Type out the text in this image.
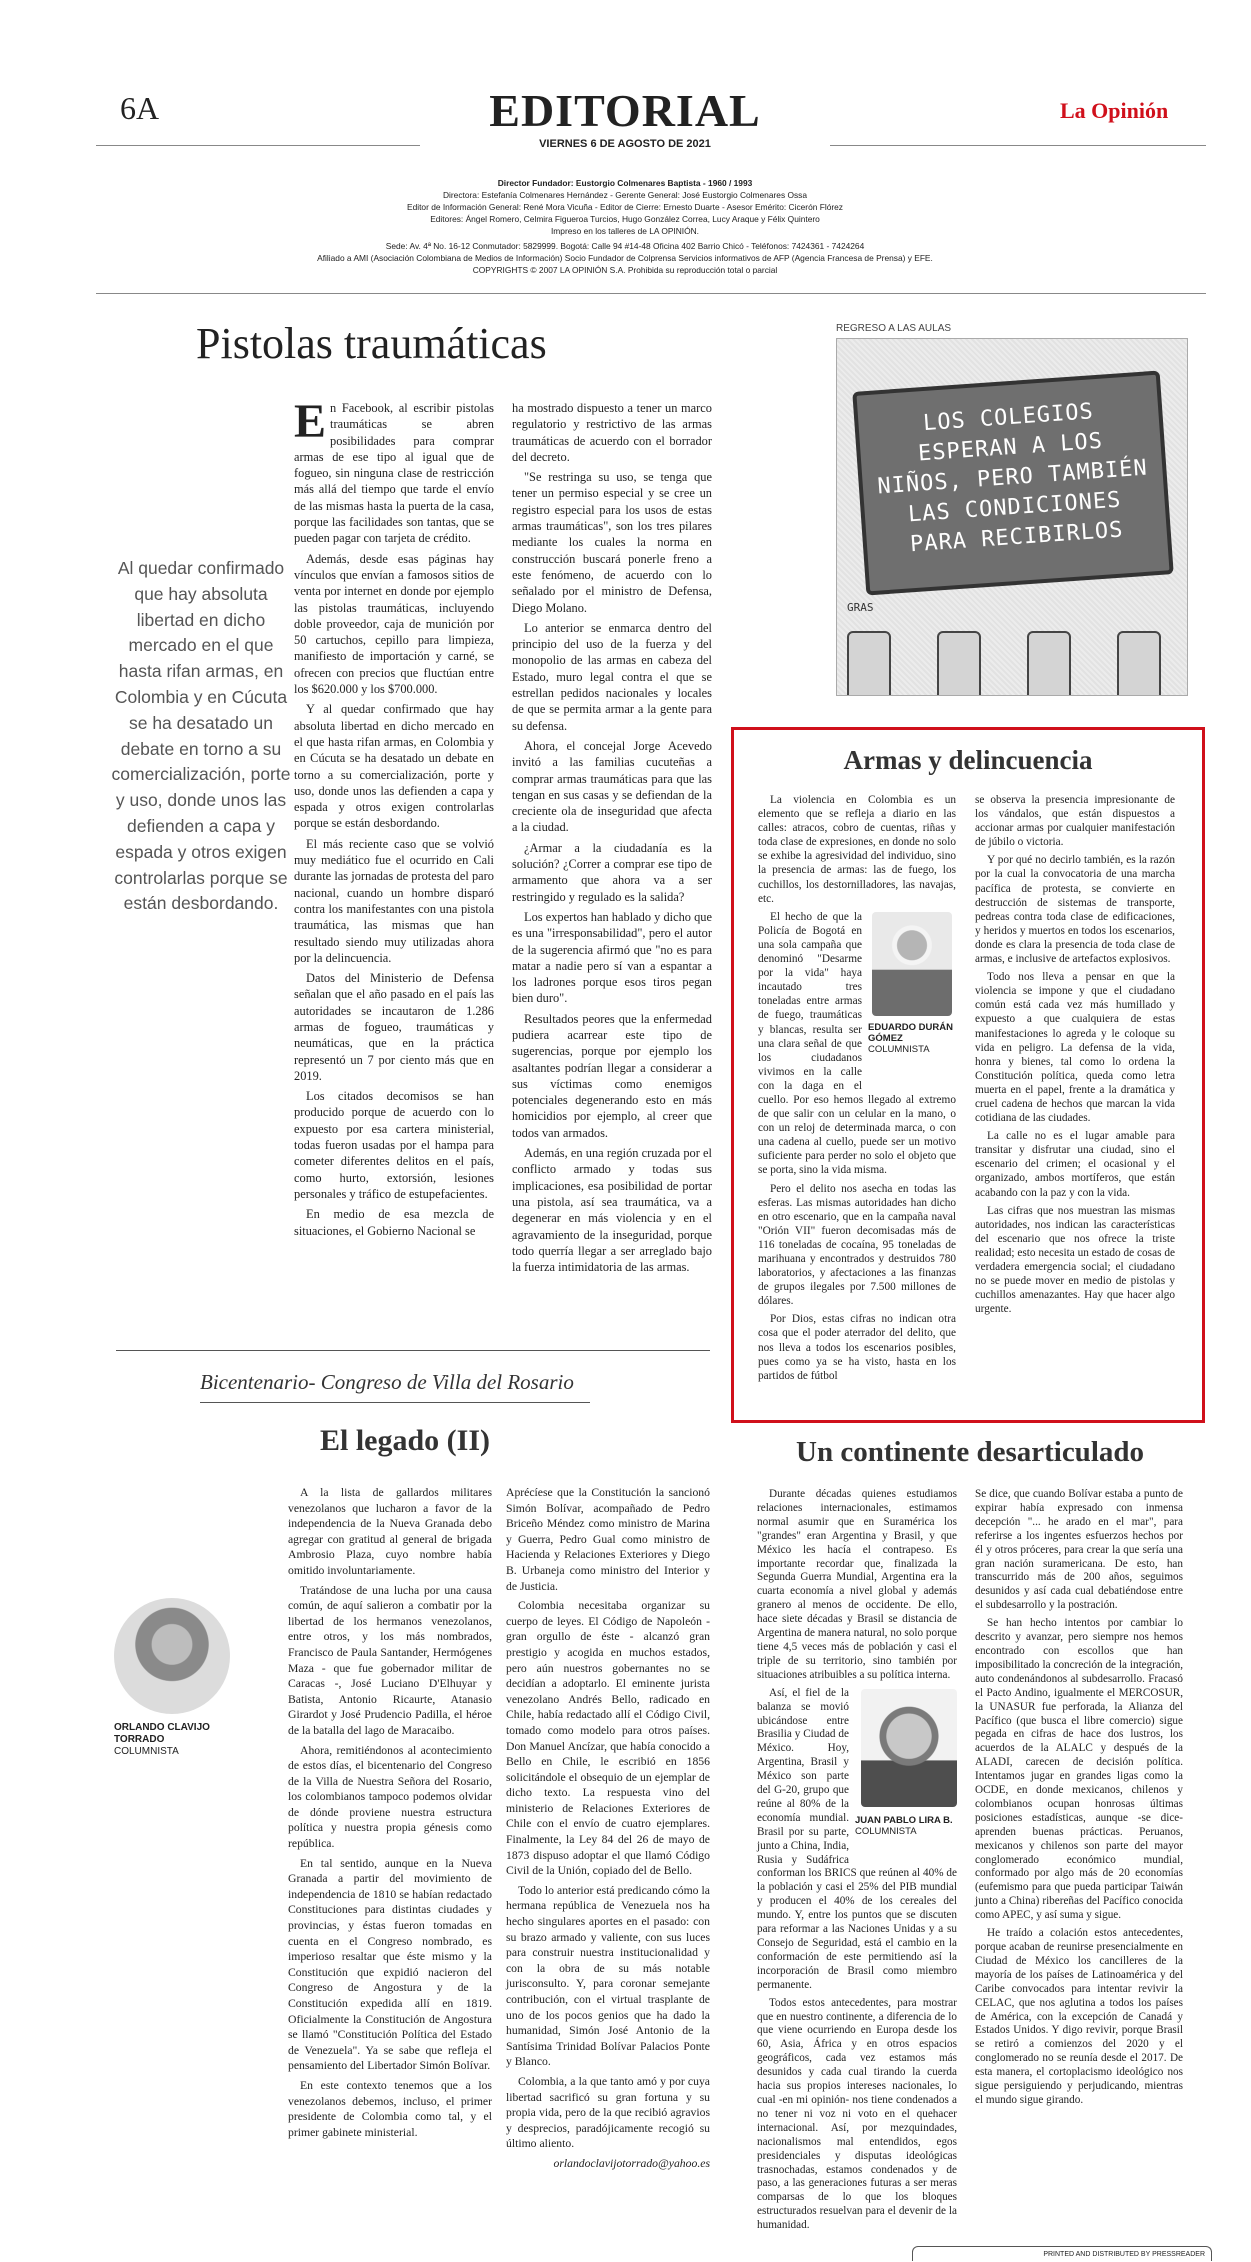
6A	EDITORIAL	La Opinión
VIERNES 6 DE AGOSTO DE 2021
Director Fundador: Eustorgio Colmenares Baptista - 1960 / 1993
Directora: Estefanía Colmenares Hernández - Gerente General: José Eustorgio Colmenares Ossa
Editor de Información General: René Mora Vicuña - Editor de Cierre: Ernesto Duarte - Asesor Emérito: Cicerón Flórez
Editores: Ángel Romero, Celmira Figueroa Turcios, Hugo González Correa, Lucy Araque y Félix Quintero
Impreso en los talleres de LA OPINIÓN.
Sede: Av. 4ª No. 16-12 Conmutador: 5829999. Bogotá: Calle 94 #14-48 Oficina 402 Barrio Chicó - Teléfonos: 7424361 - 7424264
Afiliado a AMI (Asociación Colombiana de Medios de Información) Socio Fundador de Colprensa Servicios informativos de AFP (Agencia Francesa de Prensa) y EFE.
COPYRIGHTS © 2007 LA OPINIÓN S.A. Prohibida su reproducción total o parcial
Pistolas traumáticas
Al quedar confirmado que hay absoluta libertad en dicho mercado en el que hasta rifan armas, en Colombia y en Cúcuta se ha desatado un debate en torno a su comercialización, porte y uso, donde unos las defienden a capa y espada y otros exigen controlarlas porque se están desbordando.

En Facebook, al escribir pistolas traumáticas se abren posibilidades para comprar armas de ese tipo al igual que de fogueo, sin ninguna clase de restricción más allá del tiempo que tarde el envío de las mismas hasta la puerta de la casa, porque las facilidades son tantas, que se pueden pagar con tarjeta de crédito.

Además, desde esas páginas hay vínculos que envían a famosos sitios de venta por internet en donde por ejemplo las pistolas traumáticas, incluyendo doble proveedor, caja de munición por 50 cartuchos, cepillo para limpieza, manifiesto de importación y carné, se ofrecen con precios que fluctúan entre los $620.000 y los $700.000.

Y al quedar confirmado que hay absoluta libertad en dicho mercado en el que hasta rifan armas, en Colombia y en Cúcuta se ha desatado un debate en torno a su comercialización, porte y uso, donde unos las defienden a capa y espada y otros exigen controlarlas porque se están desbordando.

El más reciente caso que se volvió muy mediático fue el ocurrido en Cali durante las jornadas de protesta del paro nacional, cuando un hombre disparó contra los manifestantes con una pistola traumática, las mismas que han resultado siendo muy utilizadas ahora por la delincuencia.

Datos del Ministerio de Defensa señalan que el año pasado en el país las autoridades se incautaron de 1.286 armas de fogueo, traumáticas y neumáticas, que en la práctica representó un 7 por ciento más que en 2019.

Los citados decomisos se han producido porque de acuerdo con lo expuesto por esa cartera ministerial, todas fueron usadas por el hampa para cometer diferentes delitos en el país, como hurto, extorsión, lesiones personales y tráfico de estupefacientes.

En medio de esa mezcla de situaciones, el Gobierno Nacional se

ha mostrado dispuesto a tener un marco regulatorio y restrictivo de las armas traumáticas de acuerdo con el borrador del decreto.

"Se restringa su uso, se tenga que tener un permiso especial y se cree un registro especial para los usos de estas armas traumáticas", son los tres pilares mediante los cuales la norma en construcción buscará ponerle freno a este fenómeno, de acuerdo con lo señalado por el ministro de Defensa, Diego Molano.

Lo anterior se enmarca dentro del principio del uso de la fuerza y del monopolio de las armas en cabeza del Estado, muro legal contra el que se estrellan pedidos nacionales y locales de que se permita armar a la gente para su defensa.

Ahora, el concejal Jorge Acevedo invitó a las familias cucuteñas a comprar armas traumáticas para que las tengan en sus casas y se defiendan de la creciente ola de inseguridad que afecta a la ciudad.

¿Armar a la ciudadanía es la solución? ¿Correr a comprar ese tipo de armamento que ahora va a ser restringido y regulado es la salida?

Los expertos han hablado y dicho que es una "irresponsabilidad", pero el autor de la sugerencia afirmó que "no es para matar a nadie pero sí van a espantar a los ladrones porque esos tiros pegan bien duro".

Resultados peores que la enfermedad pudiera acarrear este tipo de sugerencias, porque por ejemplo los asaltantes podrían llegar a considerar a sus víctimas como enemigos potenciales degenerando esto en más homicidios por ejemplo, al creer que todos van armados.

Además, en una región cruzada por el conflicto armado y todas sus implicaciones, esa posibilidad de portar una pistola, así sea traumática, va a degenerar en más violencia y en el agravamiento de la inseguridad, porque todo querría llegar a ser arreglado bajo la fuerza intimidatoria de las armas.

REGRESO A LAS AULAS
LOS COLEGIOS ESPERAN A LOS NIÑOS, PERO TAMBIÉN LAS CONDICIONES PARA RECIBIRLOS
GRAS
Armas y delincuencia

La violencia en Colombia es un elemento que se refleja a diario en las calles: atracos, cobro de cuentas, riñas y toda clase de expresiones, en donde no solo se exhibe la agresividad del individuo, sino la presencia de armas: las de fuego, los cuchillos, los destornilladores, las navajas, etc.

EDUARDO DURÁN GÓMEZ
COLUMNISTA

El hecho de que la Policía de Bogotá en una sola campaña que denominó "Desarme por la vida" haya incautado tres toneladas entre armas de fuego, traumáticas y blancas, resulta ser una clara señal de que los ciudadanos vivimos en la calle con la daga en el cuello. Por eso hemos llegado al extremo de que salir con un celular en la mano, o con un reloj de determinada marca, o con una cadena al cuello, puede ser un motivo suficiente para perder no solo el objeto que se porta, sino la vida misma.

Pero el delito nos asecha en todas las esferas. Las mismas autoridades han dicho en otro escenario, que en la campaña naval "Orión VII" fueron decomisadas más de 116 toneladas de cocaína, 95 toneladas de marihuana y encontrados y destruidos 780 laboratorios, y afectaciones a las finanzas de grupos ilegales por 7.500 millones de dólares.

Por Dios, estas cifras no indican otra cosa que el poder aterrador del delito, que nos lleva a todos los escenarios posibles, pues como ya se ha visto, hasta en los partidos de fútbol

se observa la presencia impresionante de los vándalos, que están dispuestos a accionar armas por cualquier manifestación de júbilo o victoria.

Y por qué no decirlo también, es la razón por la cual la convocatoria de una marcha pacífica de protesta, se convierte en destrucción de sistemas de transporte, pedreas contra toda clase de edificaciones, y heridos y muertos en todos los escenarios, donde es clara la presencia de toda clase de armas, e inclusive de artefactos explosivos.

Todo nos lleva a pensar en que la violencia se impone y que el ciudadano común está cada vez más humillado y expuesto a que cualquiera de estas manifestaciones lo agreda y le coloque su vida en peligro. La defensa de la vida, honra y bienes, tal como lo ordena la Constitución política, queda como letra muerta en el papel, frente a la dramática y cruel cadena de hechos que marcan la vida cotidiana de las ciudades.

La calle no es el lugar amable para transitar y disfrutar una ciudad, sino el escenario del crimen; el ocasional y el organizado, ambos mortíferos, que están acabando con la paz y con la vida.

Las cifras que nos muestran las mismas autoridades, nos indican las características del escenario que nos ofrece la triste realidad; esto necesita un estado de cosas de verdadera emergencia social; el ciudadano no se puede mover en medio de pistolas y cuchillos amenazantes. Hay que hacer algo urgente.

Bicentenario- Congreso de Villa del Rosario
El legado (II)
ORLANDO CLAVIJO TORRADO
COLUMNISTA

A la lista de gallardos militares venezolanos que lucharon a favor de la independencia de la Nueva Granada debo agregar con gratitud al general de brigada Ambrosio Plaza, cuyo nombre había omitido involuntariamente.

Tratándose de una lucha por una causa común, de aquí salieron a combatir por la libertad de los hermanos venezolanos, entre otros, y los más nombrados, Francisco de Paula Santander, Hermógenes Maza - que fue gobernador militar de Caracas -, José Luciano D'Elhuyar y Batista, Antonio Ricaurte, Atanasio Girardot y José Prudencio Padilla, el héroe de la batalla del lago de Maracaibo.

Ahora, remitiéndonos al acontecimiento de estos días, el bicentenario del Congreso de la Villa de Nuestra Señora del Rosario, los colombianos tampoco podemos olvidar de dónde proviene nuestra estructura política y nuestra propia génesis como república.

En tal sentido, aunque en la Nueva Granada a partir del movimiento de independencia de 1810 se habían redactado Constituciones para distintas ciudades y provincias, y éstas fueron tomadas en cuenta en el Congreso nombrado, es imperioso resaltar que éste mismo y la Constitución que expidió nacieron del Congreso de Angostura y de la Constitución expedida allí en 1819. Oficialmente la Constitución de Angostura se llamó "Constitución Política del Estado de Venezuela". Ya se sabe que refleja el pensamiento del Libertador Simón Bolívar.

En este contexto tenemos que a los venezolanos debemos, incluso, el primer presidente de Colombia como tal, y el primer gabinete ministerial.

Aprécíese que la Constitución la sancionó Simón Bolívar, acompañado de Pedro Briceño Méndez como ministro de Marina y Guerra, Pedro Gual como ministro de Hacienda y Relaciones Exteriores y Diego B. Urbaneja como ministro del Interior y de Justicia.

Colombia necesitaba organizar su cuerpo de leyes. El Código de Napoleón - gran orgullo de éste - alcanzó gran prestigio y acogida en muchos estados, pero aún nuestros gobernantes no se decidían a adoptarlo. El eminente jurista venezolano Andrés Bello, radicado en Chile, había redactado allí el Código Civil, tomado como modelo para otros países. Don Manuel Ancízar, que había conocido a Bello en Chile, le escribió en 1856 solicitándole el obsequio de un ejemplar de dicho texto. La respuesta vino del ministerio de Relaciones Exteriores de Chile con el envío de cuatro ejemplares. Finalmente, la Ley 84 del 26 de mayo de 1873 dispuso adoptar el que llamó Código Civil de la Unión, copiado del de Bello.

Todo lo anterior está predicando cómo la hermana república de Venezuela nos ha hecho singulares aportes en el pasado: con su brazo armado y valiente, con sus luces para construir nuestra institucionalidad y con la obra de su más notable jurisconsulto. Y, para coronar semejante contribución, con el virtual trasplante de uno de los pocos genios que ha dado la humanidad, Simón José Antonio de la Santísima Trinidad Bolívar Palacios Ponte y Blanco.

Colombia, a la que tanto amó y por cuya libertad sacrificó su gran fortuna y su propia vida, pero de la que recibió agravios y desprecios, paradójicamente recogió su último aliento.

orlandoclavijotorrado@yahoo.es

Un continente desarticulado

Durante décadas quienes estudiamos relaciones internacionales, estimamos normal asumir que en Suramérica los "grandes" eran Argentina y Brasil, y que México les hacía el contrapeso. Es importante recordar que, finalizada la Segunda Guerra Mundial, Argentina era la cuarta economía a nivel global y además granero al menos de occidente. De ello, hace siete décadas y Brasil se distancia de Argentina de manera natural, no solo porque tiene 4,5 veces más de población y casi el triple de su territorio, sino también por situaciones atribuibles a su política interna.

JUAN PABLO LIRA B.
COLUMNISTA

Así, el fiel de la balanza se movió ubicándose entre Brasilia y Ciudad de México. Hoy, Argentina, Brasil y México son parte del G-20, grupo que reúne al 80% de la economía mundial. Brasil por su parte, junto a China, India, Rusia y Sudáfrica conforman los BRICS que reúnen al 40% de la población y casi el 25% del PIB mundial y producen el 40% de los cereales del mundo. Y, entre los puntos que se discuten para reformar a las Naciones Unidas y a su Consejo de Seguridad, está el cambio en la conformación de este permitiendo así la incorporación de Brasil como miembro permanente.

Todos estos antecedentes, para mostrar que en nuestro continente, a diferencia de lo que viene ocurriendo en Europa desde los 60, Asia, África y en otros espacios geográficos, cada vez estamos más desunidos y cada cual tirando la cuerda hacia sus propios intereses nacionales, lo cual -en mi opinión- nos tiene condenados a no tener ni voz ni voto en el quehacer internacional. Así, por mezquindades, nacionalismos mal entendidos, egos presidenciales y disputas ideológicas trasnochadas, estamos condenados y de paso, a las generaciones futuras a ser meras comparsas de lo que los bloques estructurados resuelvan para el devenir de la humanidad.

Se dice, que cuando Bolívar estaba a punto de expirar había expresado con inmensa decepción "... he arado en el mar", para referirse a los ingentes esfuerzos hechos por él y otros próceres, para crear la que sería una gran nación suramericana. De esto, han transcurrido más de 200 años, seguimos desunidos y así cada cual debatiéndose entre el subdesarrollo y la postración.

Se han hecho intentos por cambiar lo descrito y avanzar, pero siempre nos hemos encontrado con escollos que han imposibilitado la concreción de la integración, auto condenándonos al subdesarrollo. Fracasó el Pacto Andino, igualmente el MERCOSUR, la UNASUR fue perforada, la Alianza del Pacífico (que busca el libre comercio) sigue pegada en cifras de hace dos lustros, los acuerdos de la ALALC y después de la ALADI, carecen de decisión política. Intentamos jugar en grandes ligas como la OCDE, en donde mexicanos, chilenos y colombianos ocupan honrosas últimas posiciones estadísticas, aunque -se dice- aprenden buenas prácticas. Peruanos, mexicanos y chilenos son parte del mayor conglomerado económico mundial, conformado por algo más de 20 economías (eufemismo para que pueda participar Taiwán junto a China) ribereñas del Pacífico conocida como APEC, y así suma y sigue.

He traído a colación estos antecedentes, porque acaban de reunirse presencialmente en Ciudad de México los cancilleres de la mayoría de los países de Latinoamérica y del Caribe convocados para intentar revivir la CELAC, que nos aglutina a todos los países de América, con la excepción de Canadá y Estados Unidos. Y digo revivir, porque Brasil se retiró a comienzos del 2020 y el conglomerado no se reunía desde el 2017. De esta manera, el cortoplacismo ideológico nos sigue persiguiendo y perjudicando, mientras el mundo sigue girando.

PRINTED AND DISTRIBUTED BY PRESSREADER
